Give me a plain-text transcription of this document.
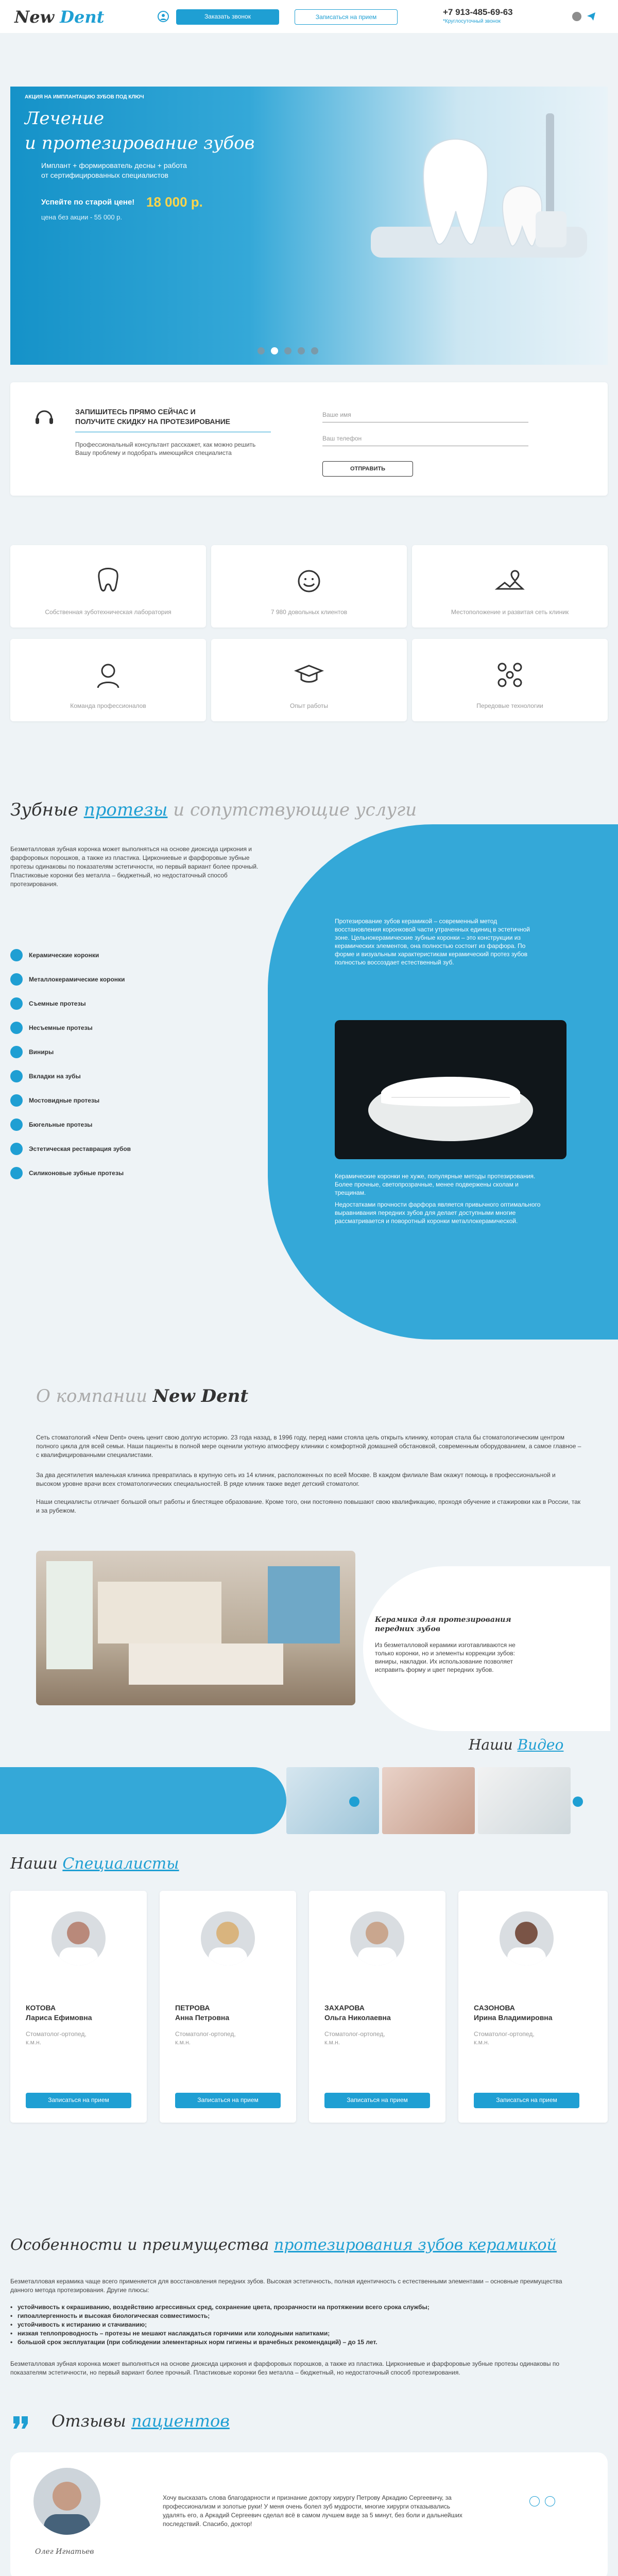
New Dent	Заказать звонок	Записаться на прием	+7 913-485-69-63
*Круглосуточный звонок
АКЦИЯ НА ИМПЛАНТАЦИЮ ЗУБОВ ПОД КЛЮЧ
Лечение
и протезирование зубов
Имплант + формирователь десны + работа от сертифицированных специалистов
Успейте по старой цене! 18 000 р.
цена без акции - 55 000 р.
ЗАПИШИТЕСЬ ПРЯМО СЕЙЧАС И
ПОЛУЧИТЕ СКИДКУ НА ПРОТЕЗИРОВАНИЕ
Профессиональный консультант расскажет, как можно решить Вашу проблему и подобрать имеющийся специалиста
Ваше имя
Ваш телефон
ОТПРАВИТЬ
Собственная зуботехническая лаборатория	7 980 довольных клиентов	Местоположение и развитая сеть клиник
Команда профессионалов	Опыт работы	Передовые технологии
Зубные протезы и сопутствующие услуги
Безметалловая зубная коронка может выполняться на основе диоксида циркония и фарфоровых порошков, а также из пластика. Циркониевые и фарфоровые зубные протезы одинаковы по показателям эстетичности, но первый вариант более прочный. Пластиковые коронки без металла – бюджетный, но недостаточный способ протезирования.
Керамические коронки
Металлокерамические коронки
Съемные протезы
Несъемные протезы
Виниры
Вкладки на зубы
Мостовидные протезы
Бюгельные протезы
Эстетическая реставрация зубов
Силиконовые зубные протезы
Протезирование зубов керамикой – современный метод восстановления коронковой части утраченных единиц в эстетичной зоне. Цельнокерамические зубные коронки – это конструкции из керамических элементов, она полностью состоит из фарфора. По форме и визуальным характеристикам керамический протез зубов полностью воссоздает естественный зуб.
Керамические коронки не хуже, популярные методы протезирования. Более прочные, светопрозрачные, менее подвержены сколам и трещинам.
Недостатками прочности фарфора является привычного оптимального выравнивания передних зубов для делает доступными многие рассматривается и поворотный коронки металлокерамической.
О компании New Dent
Сеть стоматологий «New Dent» очень ценит свою долгую историю. 23 года назад, в 1996 году, перед нами стояла цель открыть клинику, которая стала бы стоматологическим центром полного цикла для всей семьи. Наши пациенты в полной мере оценили уютную атмосферу клиники с комфортной домашней обстановкой, современным оборудованием, а самое главное – с квалифицированными специалистами.
За два десятилетия маленькая клиника превратилась в крупную сеть из 14 клиник, расположенных по всей Москве. В каждом филиале Вам окажут помощь в профессиональной и высоком уровне врачи всех стоматологических специальностей. В ряде клиник также ведет детский стоматолог.
Наши специалисты отличает большой опыт работы и блестящее образование. Кроме того, они постоянно повышают свою квалификацию, проходя обучение и стажировки как в России, так и за рубежом.
Керамика для протезирования передних зубов
Из безметалловой керамики изготавливаются не только коронки, но и элементы коррекции зубов: виниры, накладки. Их использование позволяет исправить форму и цвет передних зубов.
Наши Видео
Наши Специалисты
КОТОВА
Лариса Ефимовна
Стоматолог-ортопед, к.м.н.
Записаться на прием
ПЕТРОВА
Анна Петровна
Стоматолог-ортопед, к.м.н.
Записаться на прием
ЗАХАРОВА
Ольга Николаевна
Стоматолог-ортопед, к.м.н.
Записаться на прием
САЗОНОВА
Ирина Владимировна
Стоматолог-ортопед, к.м.н.
Записаться на прием
Особенности и преимущества протезирования зубов керамикой
Безметалловая керамика чаще всего применяется для восстановления передних зубов. Высокая эстетичность, полная идентичность с естественными элементами – основные преимущества данного метода протезирования. Другие плюсы:
• устойчивость к окрашиванию, воздействию агрессивных сред, сохранение цвета, прозрачности на протяжении всего срока службы;
• гипоаллергенность и высокая биологическая совместимость;
• устойчивость к истиранию и стачиванию;
• низкая теплопроводность – протезы не мешают наслаждаться горячими или холодными напитками;
• большой срок эксплуатации (при соблюдении элементарных норм гигиены и врачебных рекомендаций) – до 15 лет.
Безметалловая зубная коронка может выполняться на основе диоксида циркония и фарфоровых порошков, а также из пластика. Циркониевые и фарфоровые зубные протезы одинаковы по показателям эстетичности, но первый вариант более прочный. Пластиковые коронки без металла – бюджетный, но недостаточный способ протезирования.
Отзывы пациентов
Олег Игнатьев
Хочу высказать слова благодарности и признание доктору хирургу Петрову Аркадию Сергеевичу, за профессионализм и золотые руки! У меня очень болел зуб мудрости, многие хирурги отказывались удалять его, а Аркадий Сергеевич сделал всё в самом лучшем виде за 5 минут, без боли и дальнейших последствий. Спасибо, доктор!
